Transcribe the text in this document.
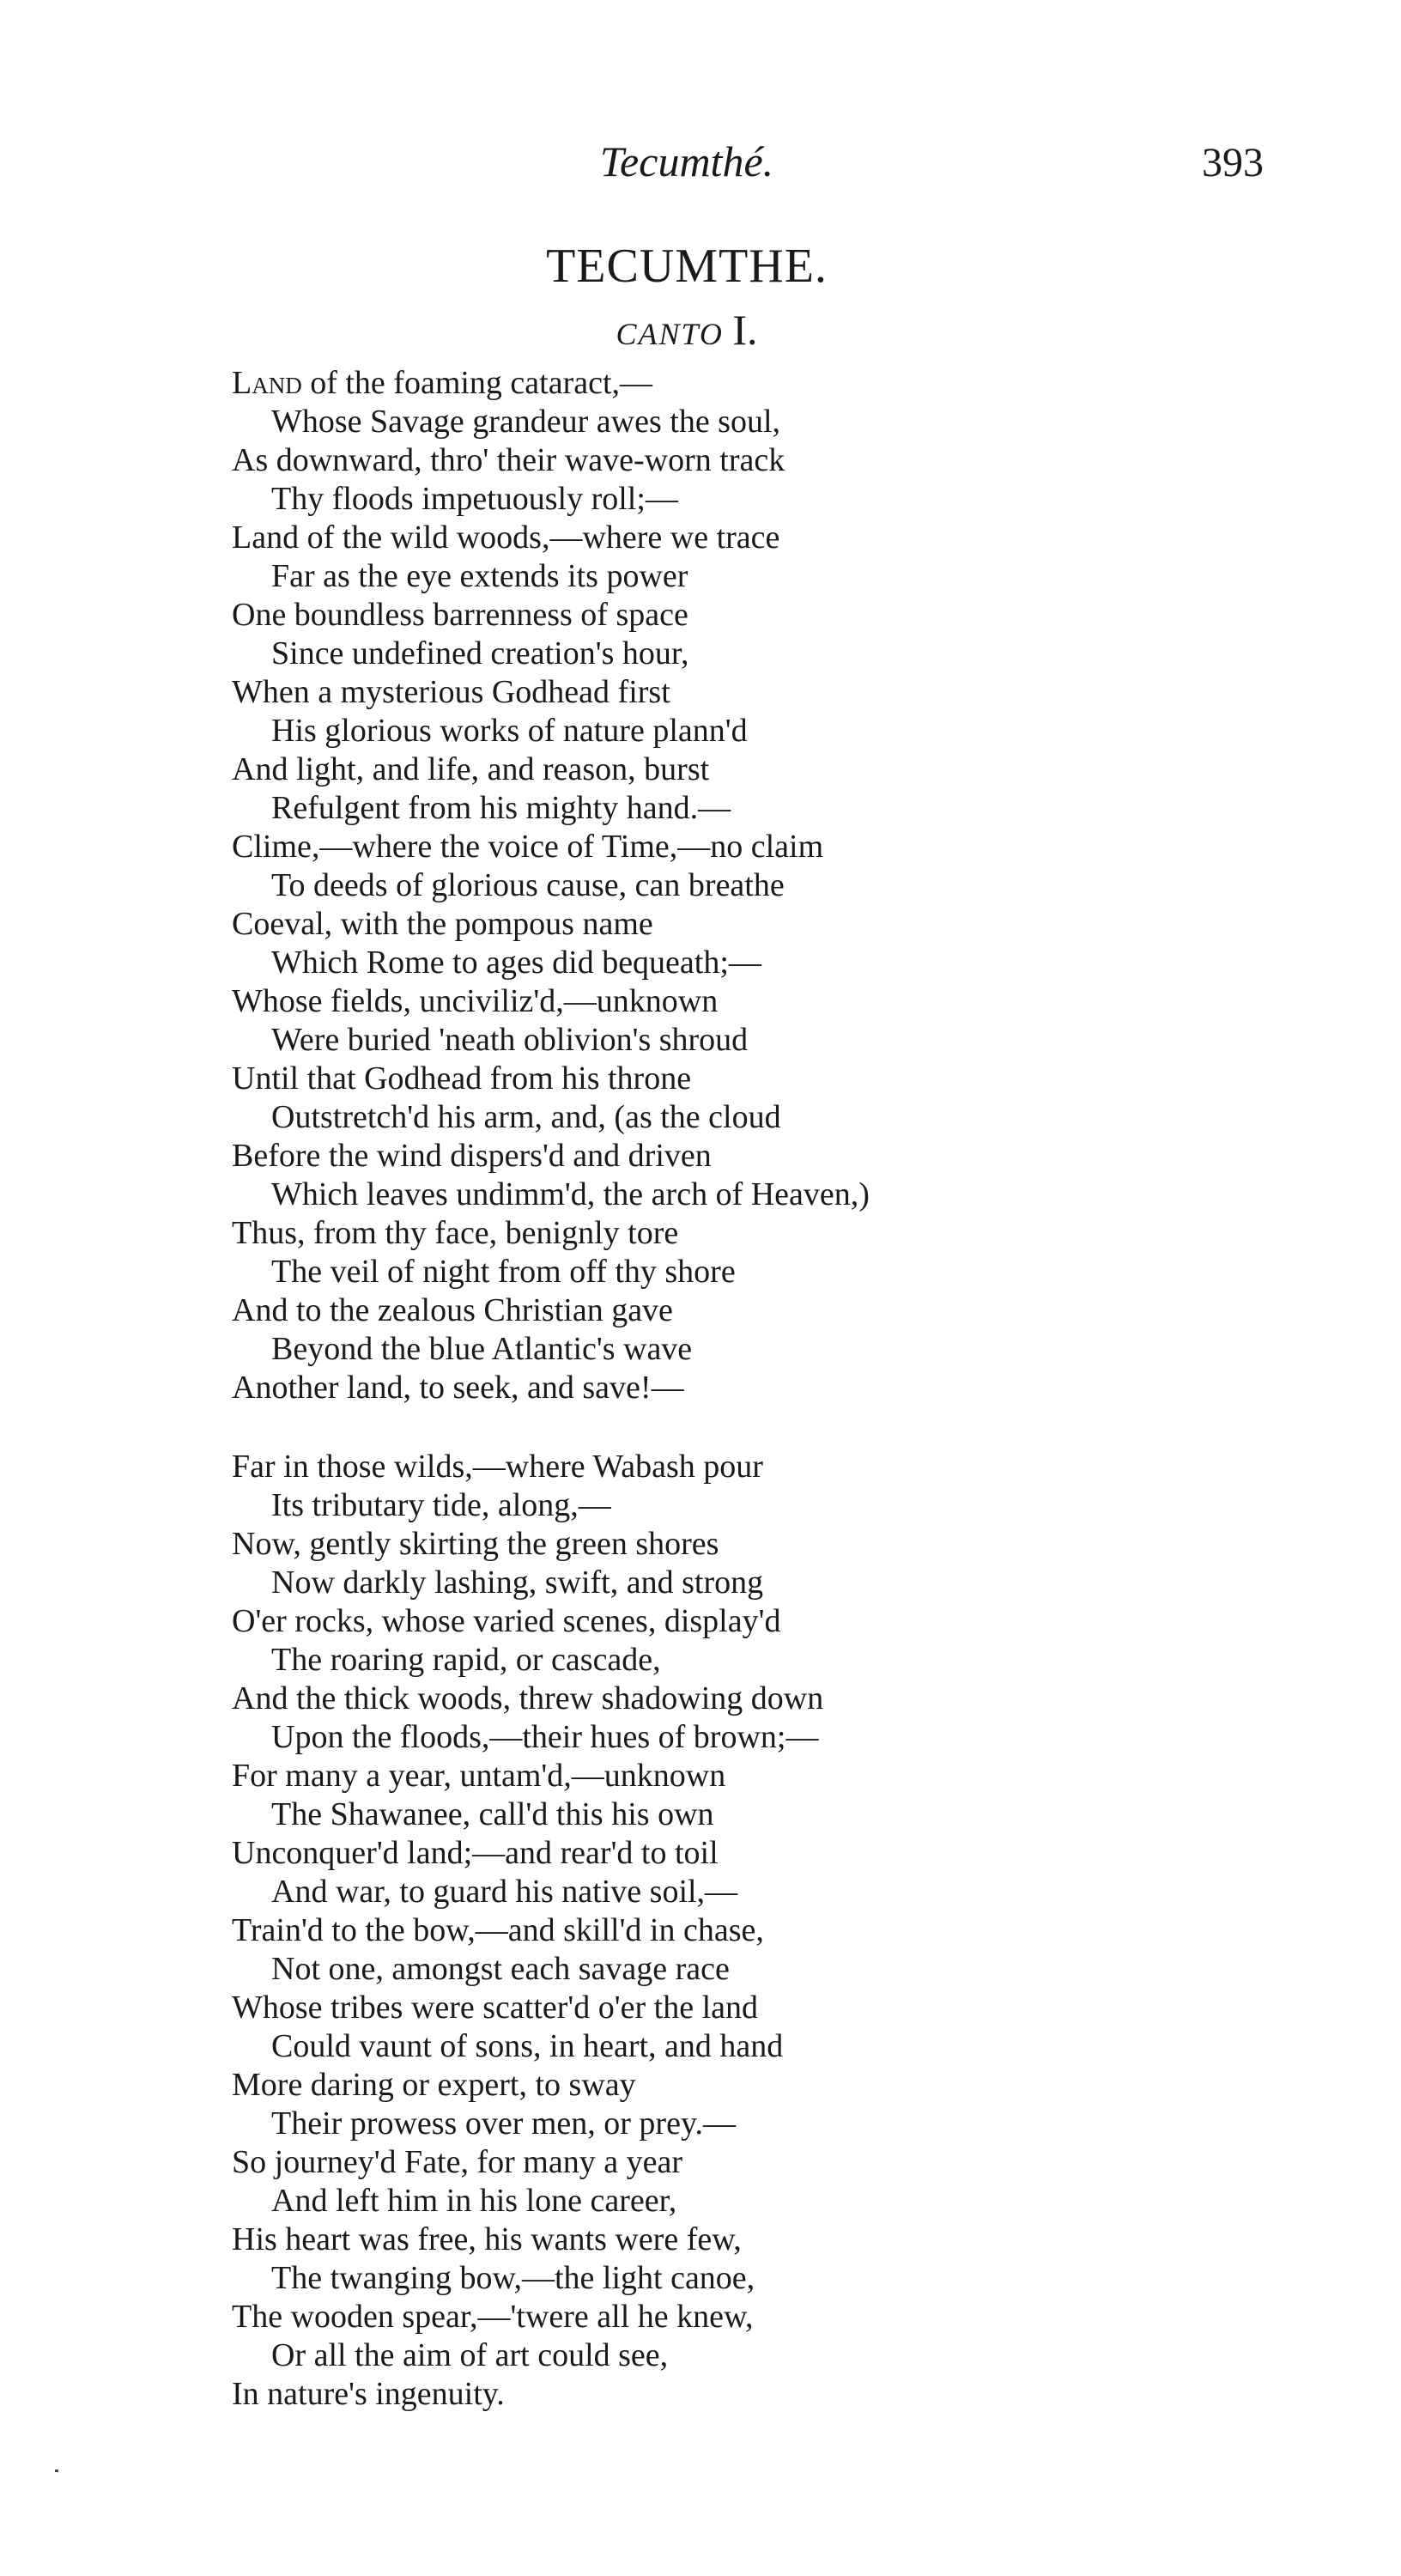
Tecumthé.	393
TECUMTHE.
CANTO I.
Land of the foaming cataract,—
Whose Savage grandeur awes the soul,
As downward, thro' their wave-worn track
Thy floods impetuously roll;—
Land of the wild woods,—where we trace
Far as the eye extends its power
One boundless barrenness of space
Since undefined creation's hour,
When a mysterious Godhead first
His glorious works of nature plann'd
And light, and life, and reason, burst
Refulgent from his mighty hand.—
Clime,—where the voice of Time,—no claim
To deeds of glorious cause, can breathe
Coeval, with the pompous name
Which Rome to ages did bequeath;—
Whose fields, unciviliz'd,—unknown
Were buried 'neath oblivion's shroud
Until that Godhead from his throne
Outstretch'd his arm, and, (as the cloud
Before the wind dispers'd and driven
Which leaves undimm'd, the arch of Heaven,)
Thus, from thy face, benignly tore
The veil of night from off thy shore
And to the zealous Christian gave
Beyond the blue Atlantic's wave
Another land, to seek, and save!—
Far in those wilds,—where Wabash pour
Its tributary tide, along,—
Now, gently skirting the green shores
Now darkly lashing, swift, and strong
O'er rocks, whose varied scenes, display'd
The roaring rapid, or cascade,
And the thick woods, threw shadowing down
Upon the floods,—their hues of brown;—
For many a year, untam'd,—unknown
The Shawanee, call'd this his own
Unconquer'd land;—and rear'd to toil
And war, to guard his native soil,—
Train'd to the bow,—and skill'd in chase,
Not one, amongst each savage race
Whose tribes were scatter'd o'er the land
Could vaunt of sons, in heart, and hand
More daring or expert, to sway
Their prowess over men, or prey.—
So journey'd Fate, for many a year
And left him in his lone career,
His heart was free, his wants were few,
The twanging bow,—the light canoe,
The wooden spear,—'twere all he knew,
Or all the aim of art could see,
In nature's ingenuity.
